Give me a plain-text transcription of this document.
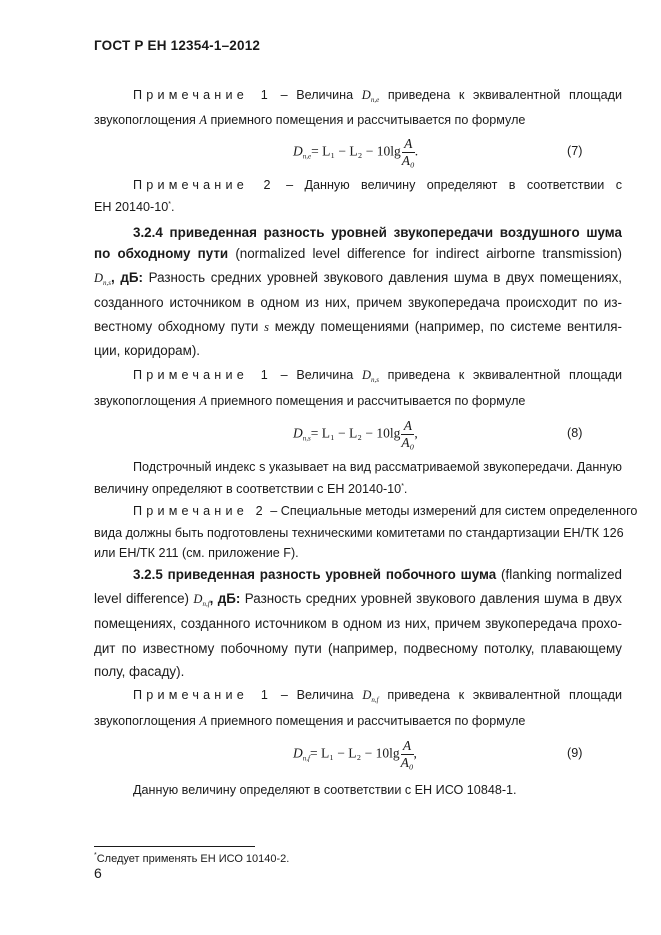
ГОСТ Р ЕН 12354-1–2012
Примечание 1 – Величина $D_{n,e}$ приведена к эквивалентной площади
звукопоглощения A приемного помещения и рассчитывается по формуле
$D_{n,e}= L_1 - L_2 - 10\lg \frac{A}{\text{A₀}}$ .	(7)
Примечание 2 – Данную величину определяют в соответствии с
ЕН 20140-10*.
3.2.4 приведенная разность уровней звукопередачи воздушного шума
по обходному пути (normalized level difference for indirect airborne transmission)
$D_{n,s}$, дБ: Разность средних уровней звукового давления шума в двух помещениях,
созданного источником в одном из них, причем звукопередача происходит по из-
вестному обходному пути s между помещениями (например, по системе вентиля-
ции, коридорам).
Примечание 1 – Величина $D_{n,s}$ приведена к эквивалентной площади
звукопоглощения A приемного помещения и рассчитывается по формуле
$D_{n,s}= L_1 - L_2 - 10\lg \frac{A}{\text{A₀}}$ ,	(8)
Подстрочный индекс s указывает на вид рассматриваемой звукопередачи. Данную
величину определяют в соответствии с ЕН 20140-10*.
Примечание 2 – Специальные методы измерений для систем определенного
вида должны быть подготовлены техническими комитетами по стандартизации ЕН/ТК 126
или ЕН/ТК 211 (см. приложение F).
3.2.5 приведенная разность уровней побочного шума (flanking normalized
level difference) $D_{n,f}$, дБ: Разность средних уровней звукового давления шума в двух
помещениях, созданного источником в одном из них, причем звукопередача прохо-
дит по известному побочному пути (например, подвесному потолку, плавающему
полу, фасаду).
Примечание 1 – Величина $D_{n,f}$ приведена к эквивалентной площади
звукопоглощения A приемного помещения и рассчитывается по формуле
$D_{n,f}= L_1 - L_2 - 10\lg \frac{A}{\text{A₀}}$ ,	(9)
Данную величину определяют в соответствии с ЕН ИСО 10848-1.
*Следует применять ЕН ИСО 10140-2.
6
